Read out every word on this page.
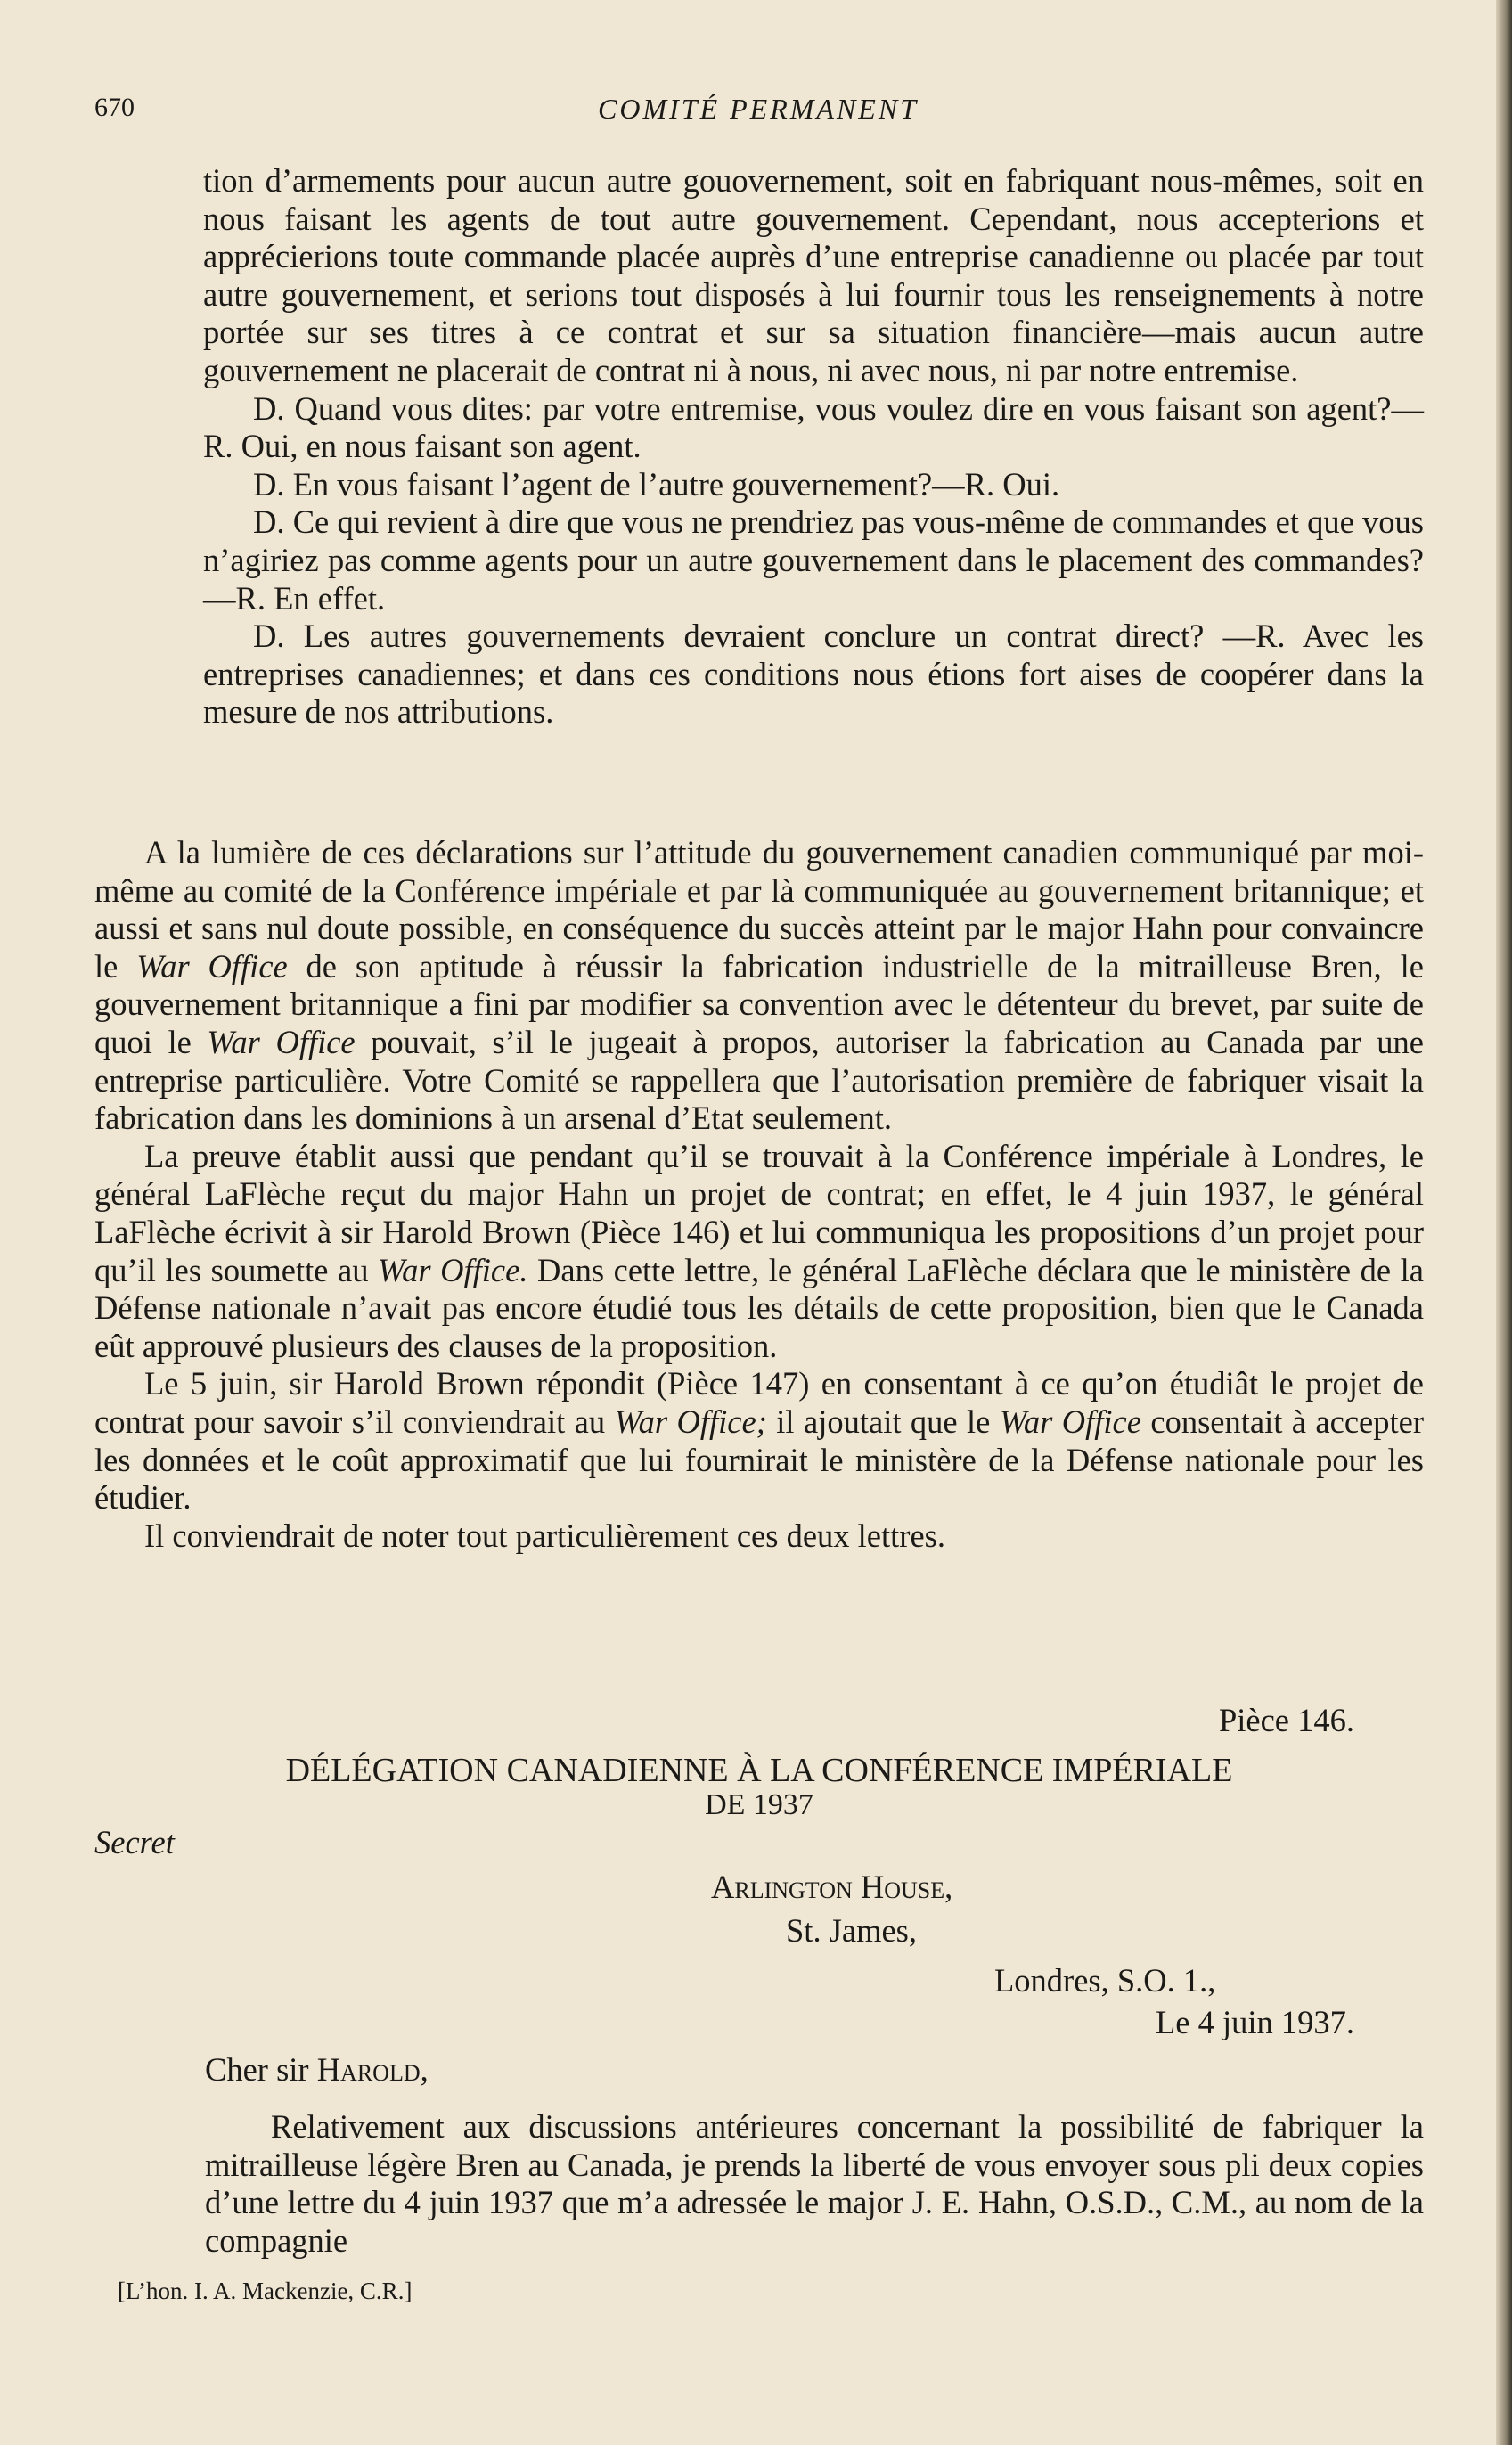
670	COMITÉ PERMANENT

tion d’armements pour aucun autre gouovernement, soit en fabriquant nous-mêmes, soit en nous faisant les agents de tout autre gouvernement. Cependant, nous accepterions et apprécierions toute commande placée auprès d’une entreprise canadienne ou placée par tout autre gouvernement, et serions tout disposés à lui fournir tous les renseignements à notre portée sur ses titres à ce contrat et sur sa situation financière—mais aucun autre gouvernement ne placerait de contrat ni à nous, ni avec nous, ni par notre entremise.

D. Quand vous dites: par votre entremise, vous voulez dire en vous faisant son agent?—R. Oui, en nous faisant son agent.

D. En vous faisant l’agent de l’autre gouvernement?—R. Oui.

D. Ce qui revient à dire que vous ne prendriez pas vous-même de commandes et que vous n’agiriez pas comme agents pour un autre gouvernement dans le placement des commandes?—R. En effet.

D. Les autres gouvernements devraient conclure un contrat direct? —R. Avec les entreprises canadiennes; et dans ces conditions nous étions fort aises de coopérer dans la mesure de nos attributions.

A la lumière de ces déclarations sur l’attitude du gouvernement canadien communiqué par moi-même au comité de la Conférence impériale et par là communiquée au gouvernement britannique; et aussi et sans nul doute possible, en conséquence du succès atteint par le major Hahn pour convaincre le War Office de son aptitude à réussir la fabrication industrielle de la mitrailleuse Bren, le gouvernement britannique a fini par modifier sa convention avec le détenteur du brevet, par suite de quoi le War Office pouvait, s’il le jugeait à propos, autoriser la fabrication au Canada par une entreprise particulière. Votre Comité se rappellera que l’autorisation première de fabriquer visait la fabrication dans les dominions à un arsenal d’Etat seulement.

La preuve établit aussi que pendant qu’il se trouvait à la Conférence impériale à Londres, le général LaFlèche reçut du major Hahn un projet de contrat; en effet, le 4 juin 1937, le général LaFlèche écrivit à sir Harold Brown (Pièce 146) et lui communiqua les propositions d’un projet pour qu’il les soumette au War Office. Dans cette lettre, le général LaFlèche déclara que le ministère de la Défense nationale n’avait pas encore étudié tous les détails de cette proposition, bien que le Canada eût approuvé plusieurs des clauses de la proposition.

Le 5 juin, sir Harold Brown répondit (Pièce 147) en consentant à ce qu’on étudiât le projet de contrat pour savoir s’il conviendrait au War Office; il ajoutait que le War Office consentait à accepter les données et le coût approximatif que lui fournirait le ministère de la Défense nationale pour les étudier.

Il conviendrait de noter tout particulièrement ces deux lettres.

Pièce 146.

DÉLÉGATION CANADIENNE À LA CONFÉRENCE IMPÉRIALE

DE 1937

Secret

Arlington House,

St. James,

Londres, S.O. 1.,

Le 4 juin 1937.

Cher sir Harold,

Relativement aux discussions antérieures concernant la possibilité de fabriquer la mitrailleuse légère Bren au Canada, je prends la liberté de vous envoyer sous pli deux copies d’une lettre du 4 juin 1937 que m’a adressée le major J. E. Hahn, O.S.D., C.M., au nom de la compagnie

[L’hon. I. A. Mackenzie, C.R.]
